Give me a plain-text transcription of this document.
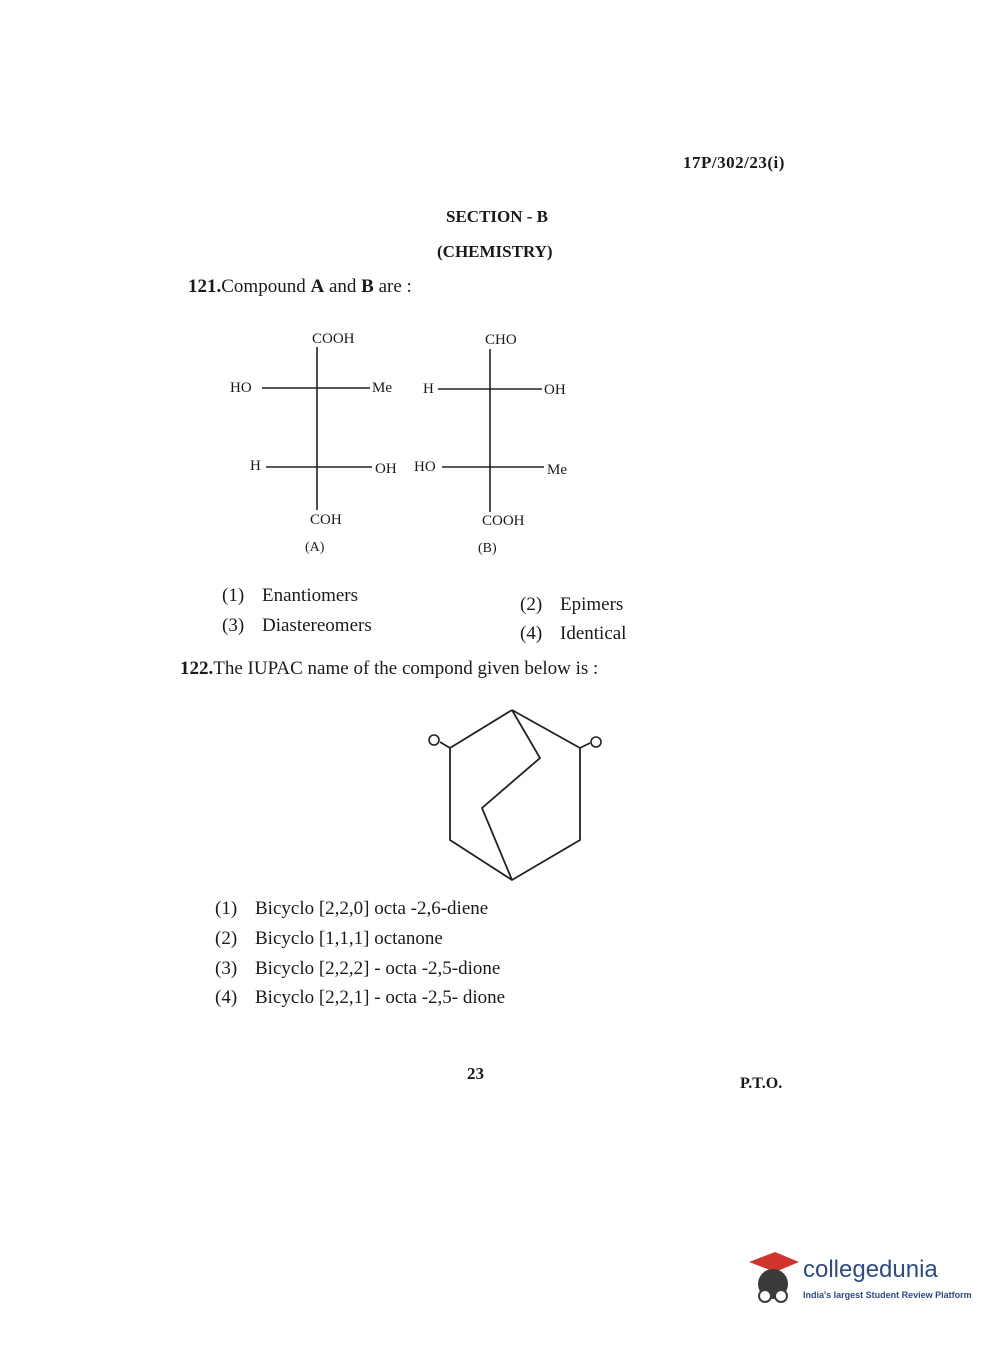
17P/302/23(i)
SECTION - B
(CHEMISTRY)
121.Compound A and B are :
COOH
HO	Me
H	OH
COH
(A)
CHO
H	OH
HO	Me
COOH
(B)
(1) Enantiomers	(2) Epimers
(3) Diastereomers	(4) Identical
122.The IUPAC name of the compond given below is :
(1) Bicyclo [2,2,0] octa -2,6-diene
(2) Bicyclo [1,1,1] octanone
(3) Bicyclo [2,2,2] - octa -2,5-dione
(4) Bicyclo [2,2,1] - octa -2,5- dione
23
P.T.O.
collegedunia
India's largest Student Review Platform
